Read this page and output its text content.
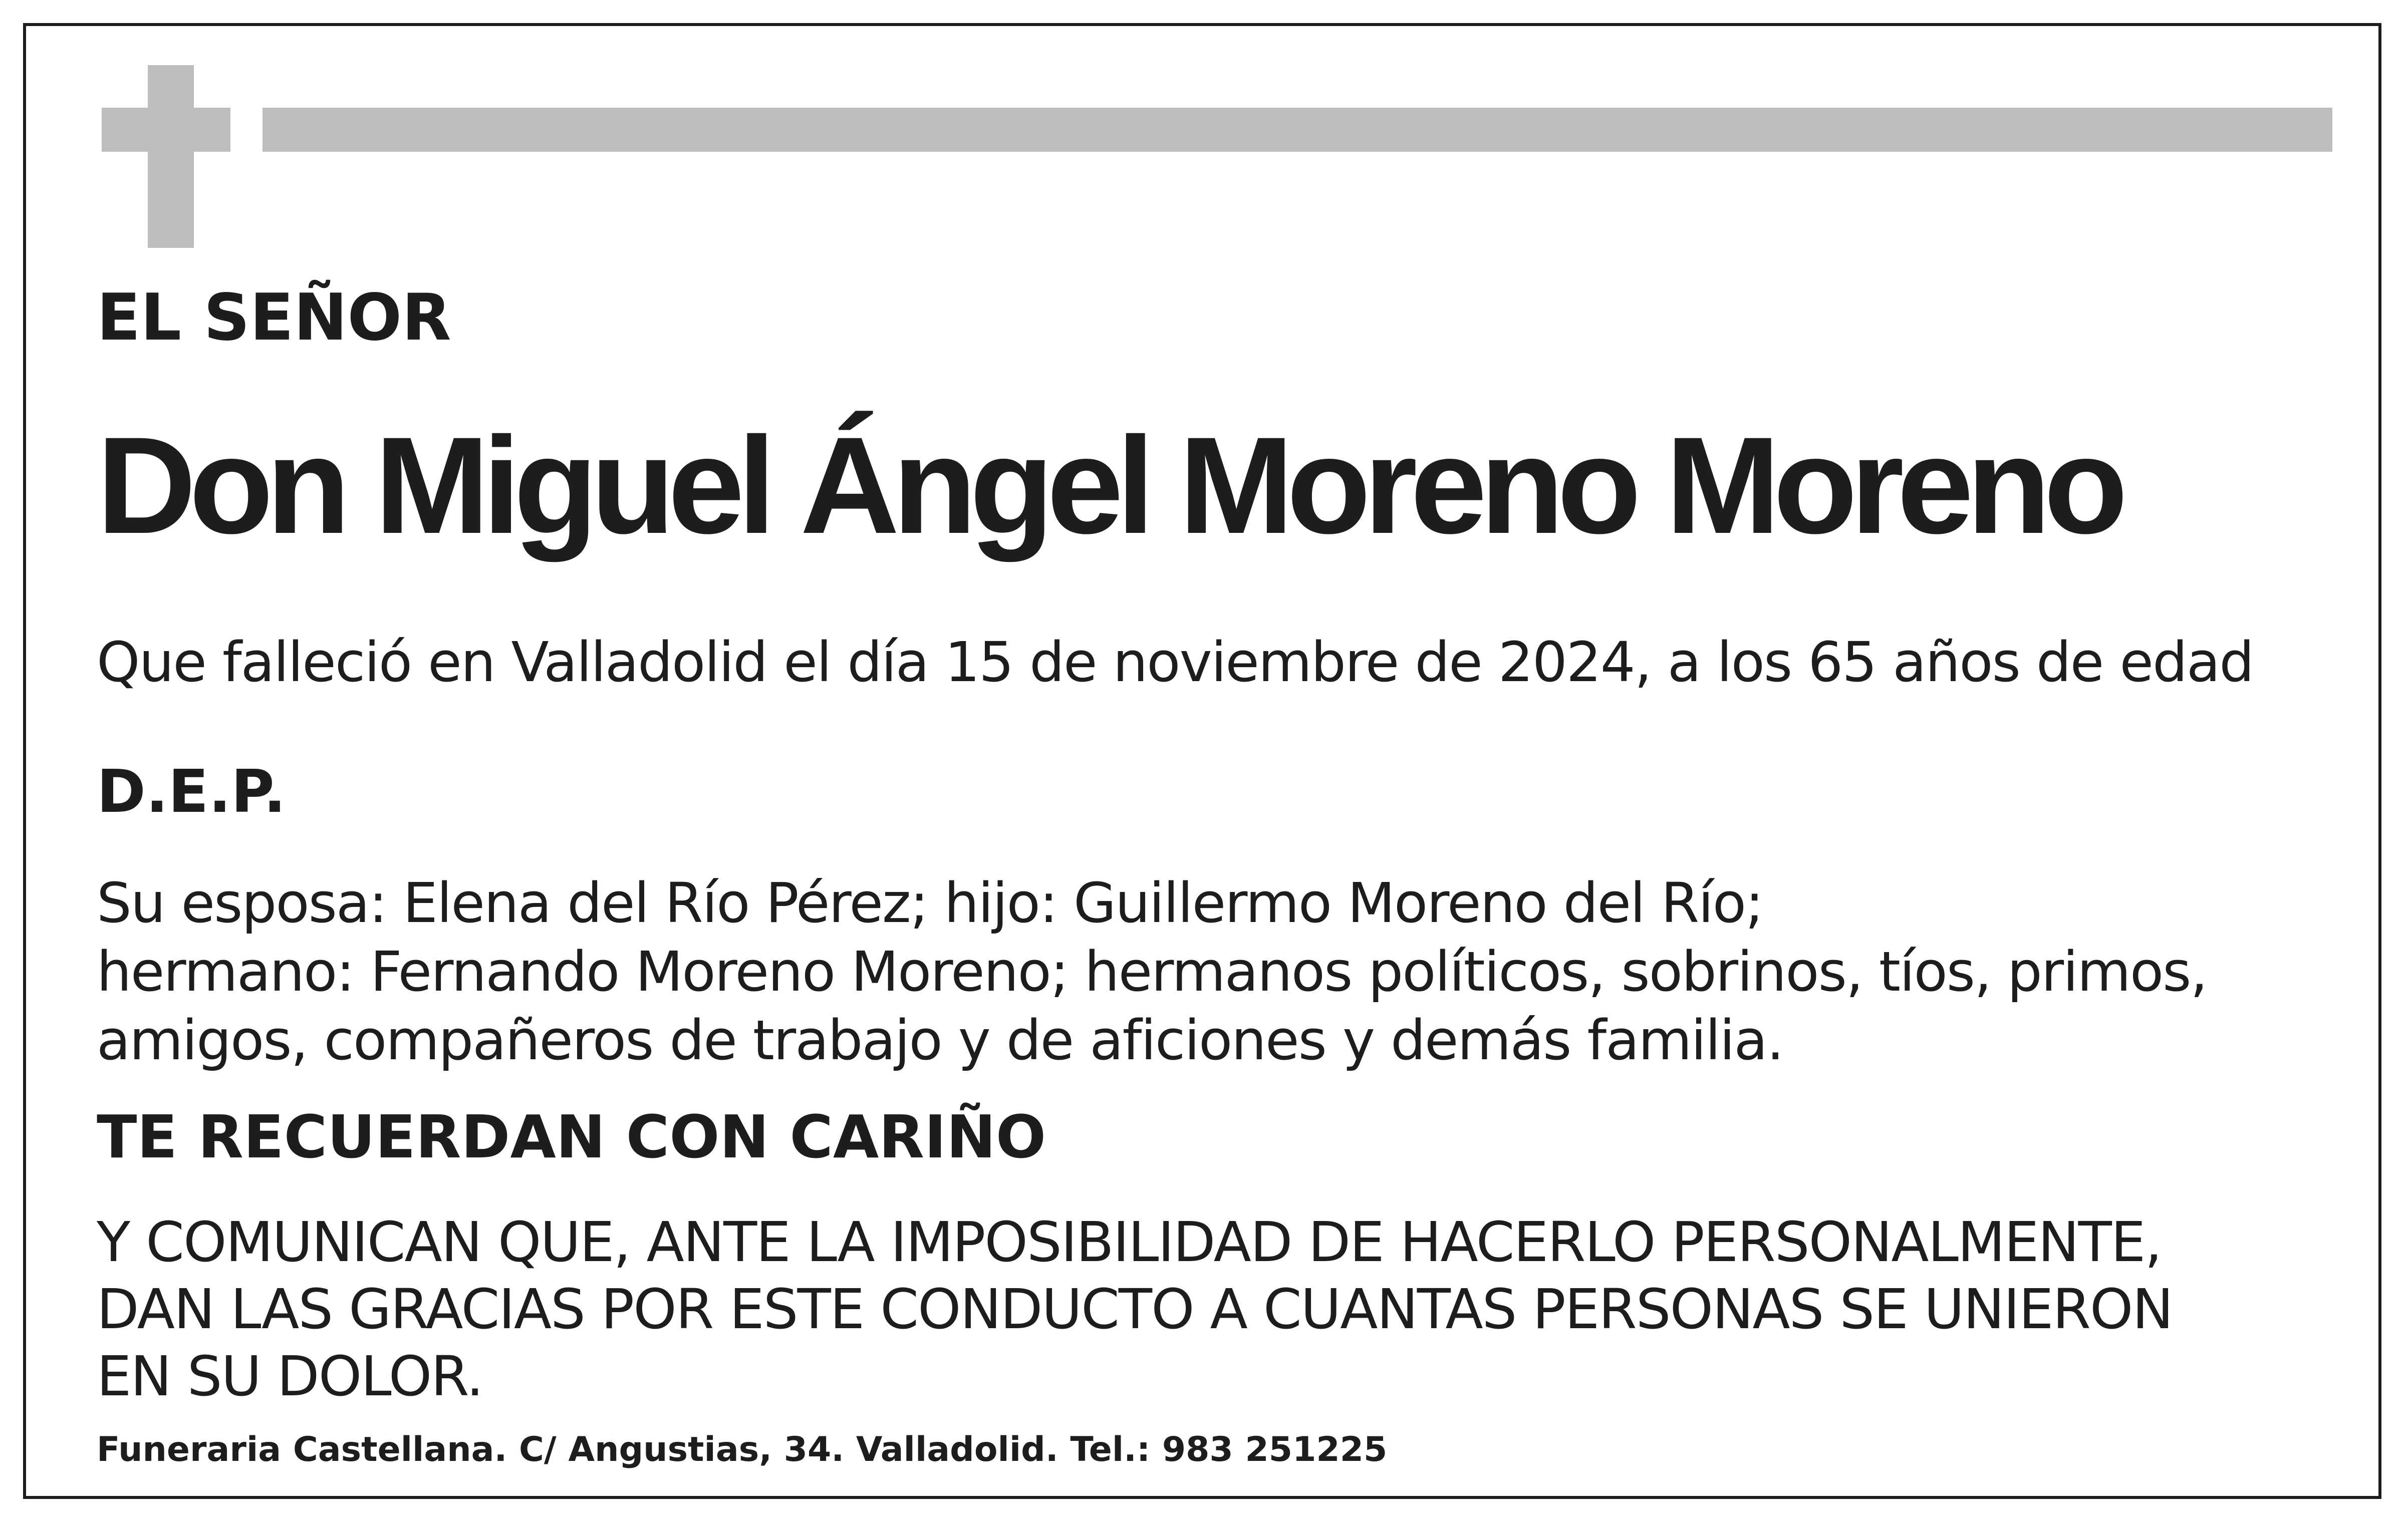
EL SEÑOR

Don Miguel Ángel Moreno Moreno

Que falleció en Valladolid el día 15 de noviembre de 2024, a los 65 años de edad

D.E.P.

Su esposa: Elena del Río Pérez; hijo: Guillermo Moreno del Río;
hermano: Fernando Moreno Moreno; hermanos políticos, sobrinos, tíos, primos,
amigos, compañeros de trabajo y de aficiones y demás familia.

TE RECUERDAN CON CARIÑO

Y COMUNICAN QUE, ANTE LA IMPOSIBILIDAD DE HACERLO PERSONALMENTE,
DAN LAS GRACIAS POR ESTE CONDUCTO A CUANTAS PERSONAS SE UNIERON
EN SU DOLOR.

Funeraria Castellana. C/ Angustias, 34. Valladolid. Tel.: 983 251225
